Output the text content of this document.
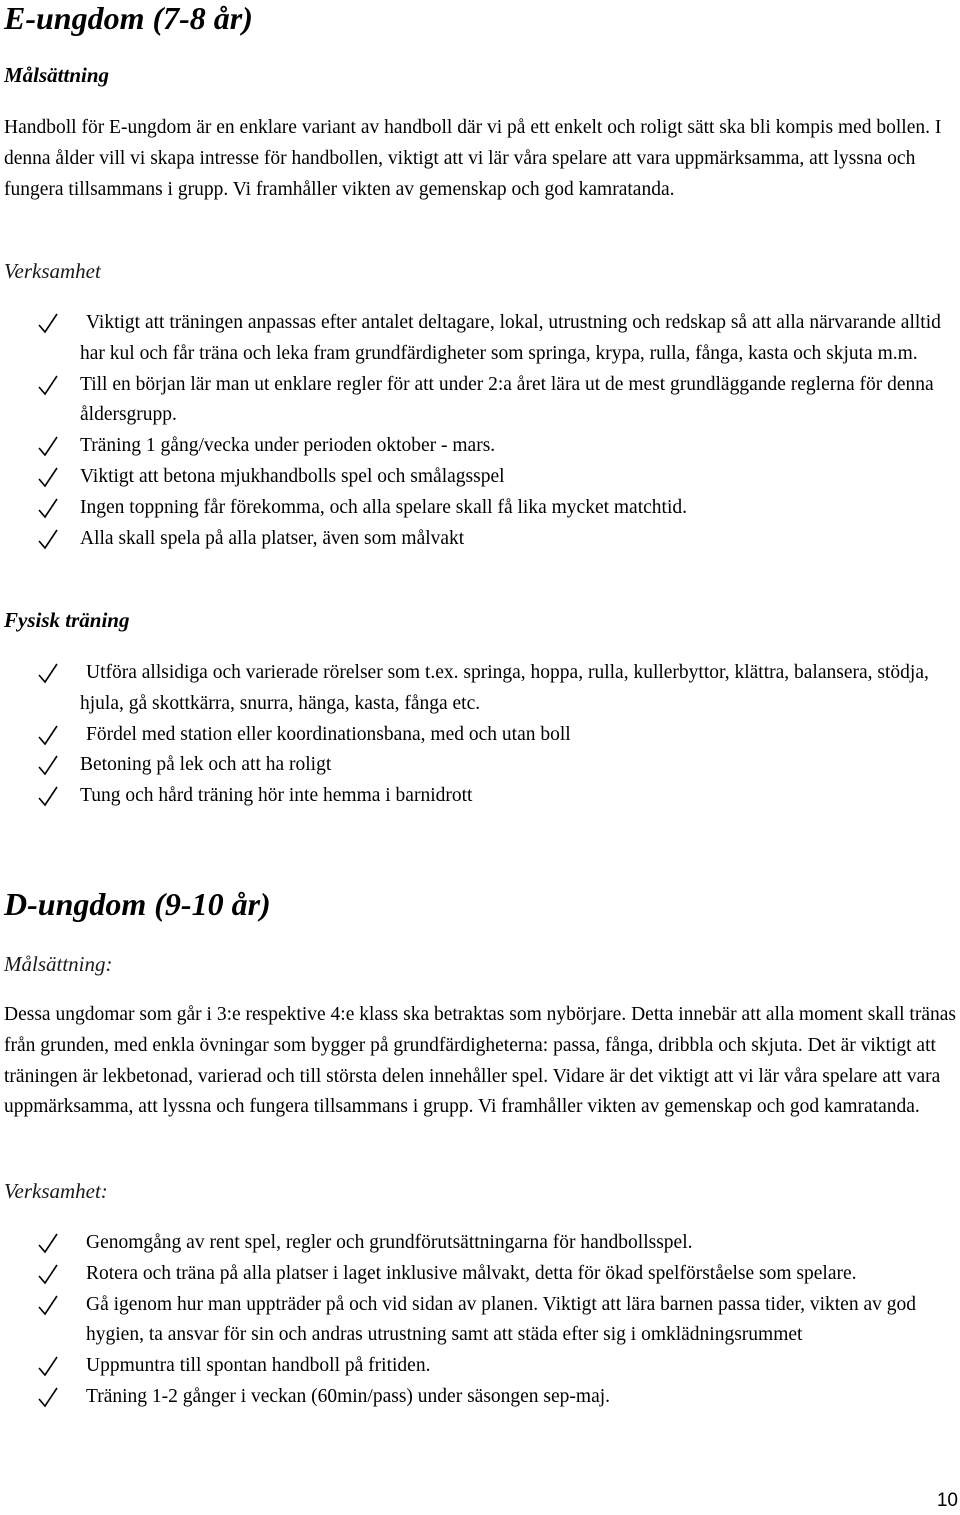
E-ungdom (7-8 år)
Målsättning
Handboll för E-ungdom är en enklare variant av handboll där vi på ett enkelt och roligt sätt ska bli kompis med bollen. I denna ålder vill vi skapa intresse för handbollen, viktigt att vi lär våra spelare att vara uppmärksamma, att lyssna och fungera tillsammans i grupp. Vi framhåller vikten av gemenskap och god kamratanda.
Verksamhet
Viktigt att träningen anpassas efter antalet deltagare, lokal, utrustning och redskap så att alla närvarande alltid har kul och får träna och leka fram grundfärdigheter som springa, krypa, rulla, fånga, kasta och skjuta m.m.
Till en början lär man ut enklare regler för att under 2:a året lära ut de mest grundläggande reglerna för denna åldersgrupp.
Träning 1 gång/vecka under perioden oktober - mars.
Viktigt att betona mjukhandbolls spel och smålagsspel
Ingen toppning får förekomma, och alla spelare skall få lika mycket matchtid.
Alla skall spela på alla platser, även som målvakt
Fysisk träning
Utföra allsidiga och varierade rörelser som t.ex. springa, hoppa, rulla, kullerbyttor, klättra, balansera, stödja, hjula, gå skottkärra, snurra, hänga, kasta, fånga etc.
Fördel med station eller koordinationsbana, med och utan boll
Betoning på lek och att ha roligt
Tung och hård träning hör inte hemma i barnidrott
D-ungdom (9-10 år)
Målsättning:
Dessa ungdomar som går i 3:e respektive 4:e klass ska betraktas som nybörjare. Detta innebär att alla moment skall tränas från grunden, med enkla övningar som bygger på grundfärdigheterna: passa, fånga, dribbla och skjuta. Det är viktigt att träningen är lekbetonad, varierad och till största delen innehåller spel. Vidare är det viktigt att vi lär våra spelare att vara uppmärksamma, att lyssna och fungera tillsammans i grupp. Vi framhåller vikten av gemenskap och god kamratanda.
Verksamhet:
Genomgång av rent spel, regler och grundförutsättningarna för handbollsspel.
Rotera och träna på alla platser i laget inklusive målvakt, detta för ökad spelförståelse som spelare.
Gå igenom hur man uppträder på och vid sidan av planen. Viktigt att lära barnen passa tider, vikten av god hygien, ta ansvar för sin och andras utrustning samt att städa efter sig i omklädningsrummet
Uppmuntra till spontan handboll på fritiden.
Träning 1-2 gånger i veckan (60min/pass) under säsongen sep-maj.
10
